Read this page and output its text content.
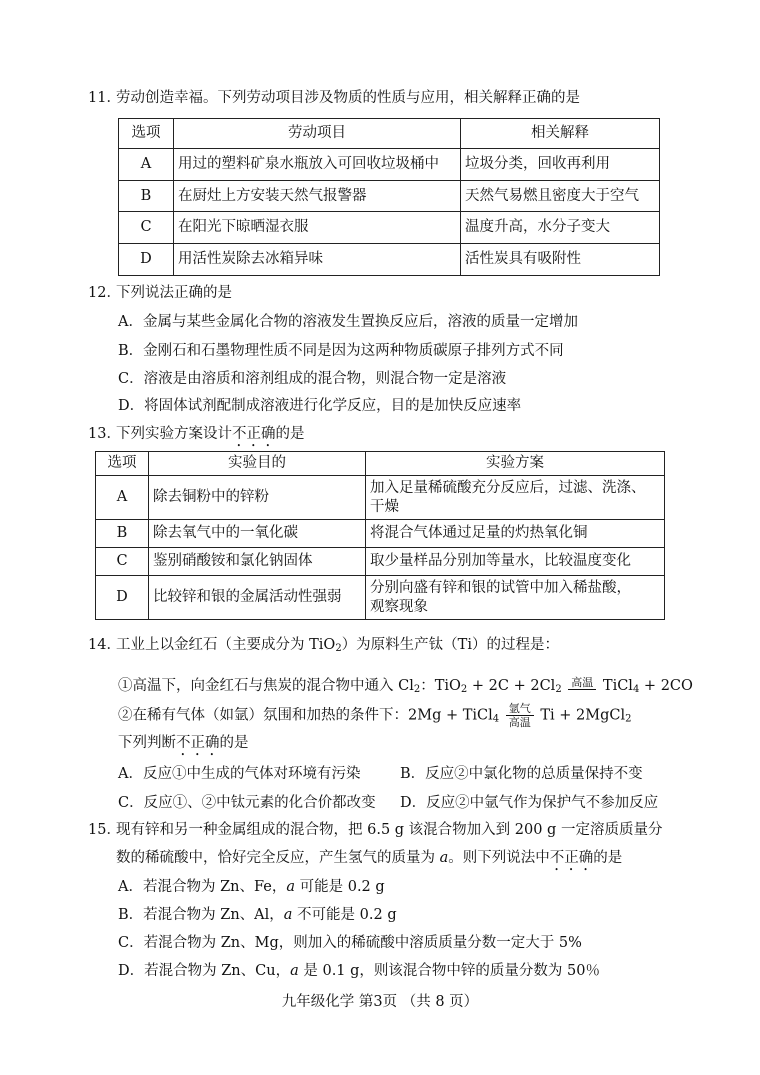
11．劳动创造幸福。下列劳动项目涉及物质的性质与应用，相关解释正确的是
选项	劳动项目	相关解释
A	用过的塑料矿泉水瓶放入可回收垃圾桶中	垃圾分类，回收再利用
B	在厨灶上方安装天然气报警器	天然气易燃且密度大于空气
C	在阳光下晾晒湿衣服	温度升高，水分子变大
D	用活性炭除去冰箱异味	活性炭具有吸附性
12．下列说法正确的是
A．金属与某些金属化合物的溶液发生置换反应后，溶液的质量一定增加
B．金刚石和石墨物理性质不同是因为这两种物质碳原子排列方式不同
C．溶液是由溶质和溶剂组成的混合物，则混合物一定是溶液
D．将固体试剂配制成溶液进行化学反应，目的是加快反应速率
13．下列实验方案设计不正确的是
选项	实验目的	实验方案
A	除去铜粉中的锌粉	加入足量稀硫酸充分反应后，过滤、洗涤、
干燥

B	除去氧气中的一氧化碳	将混合气体通过足量的灼热氧化铜
C	鉴别硝酸铵和氯化钠固体	取少量样品分别加等量水，比较温度变化
D	比较锌和银的金属活动性强弱	分别向盛有锌和银的试管中加入稀盐酸，
观察现象
14．工业上以金红石（主要成分为 TiO$_2$）为原料生产钛（Ti）的过程是：
①高温下，向金红石与焦炭的混合物中通入 $Cl_2$：$TiO_2 + 2C + 2Cl_2$
高温 TiCl$_4$ + 2CO
②在稀有气体（如氩）氛围和加热的条件下：2Mg + TiCl$_4$ $\frac{\text{氩气}}{\text{高温}}$ Ti + 2MgCl$_2$
下列判断不正确的是
A．反应①中生成的气体对环境有污染	B．反应②中氯化物的总质量保持不变
C．反应①、②中钛元素的化合价都改变 D．反应②中氩气作为保护气不参加反应
15．现有锌和另一种金属组成的混合物，把 6.5 g 该混合物加入到 200 g 一定溶质质量分
数的稀硫酸中，恰好完全反应，产生氢气的质量为 a。则下列说法中不正确的是
A．若混合物为 Zn、Fe，a 可能是 0.2 g
B．若混合物为 Zn、Al，a 不可能是 0.2 g
C．若混合物为 Zn、Mg，则加入的稀硫酸中溶质质量分数一定大于 5%
D．若混合物为 Zn、Cu，a 是 0.1 g，则该混合物中锌的质量分数为 50％
九年级化学 第3页 （共 8 页）
